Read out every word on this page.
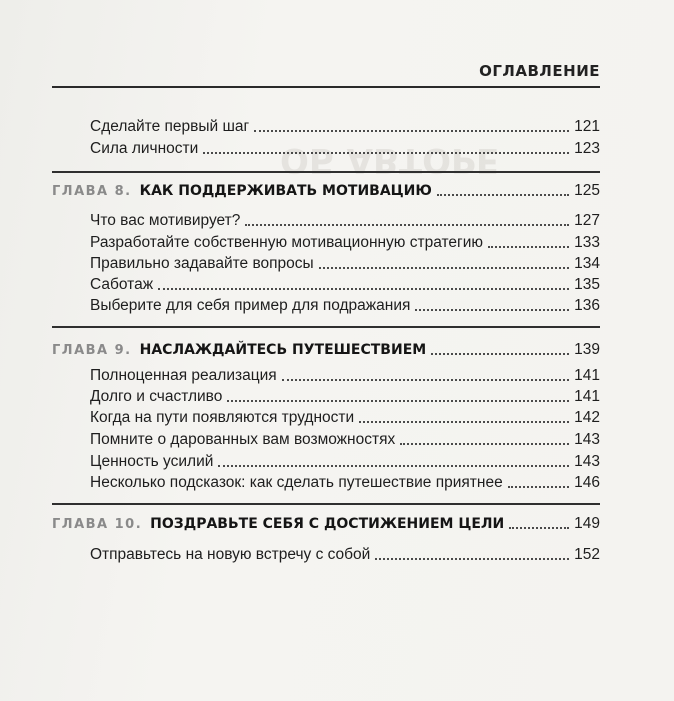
ОБ АВТОРЕ
ОГЛАВЛЕНИЕ
Сделайте первый шаг	121
Сила личности	123
ГЛАВА 8. КАК ПОДДЕРЖИВАТЬ МОТИВАЦИЮ	125
Что вас мотивирует?	127
Разработайте собственную мотивационную стратегию	133
Правильно задавайте вопросы	134
Саботаж	135
Выберите для себя пример для подражания	136
ГЛАВА 9. НАСЛАЖДАЙТЕСЬ ПУТЕШЕСТВИЕМ	139
Полноценная реализация	141
Долго и счастливо	141
Когда на пути появляются трудности	142
Помните о дарованных вам возможностях	143
Ценность усилий	143
Несколько подсказок: как сделать путешествие приятнее	146
ГЛАВА 10. ПОЗДРАВЬТЕ СЕБЯ С ДОСТИЖЕНИЕМ ЦЕЛИ	149
Отправьтесь на новую встречу с собой	152
